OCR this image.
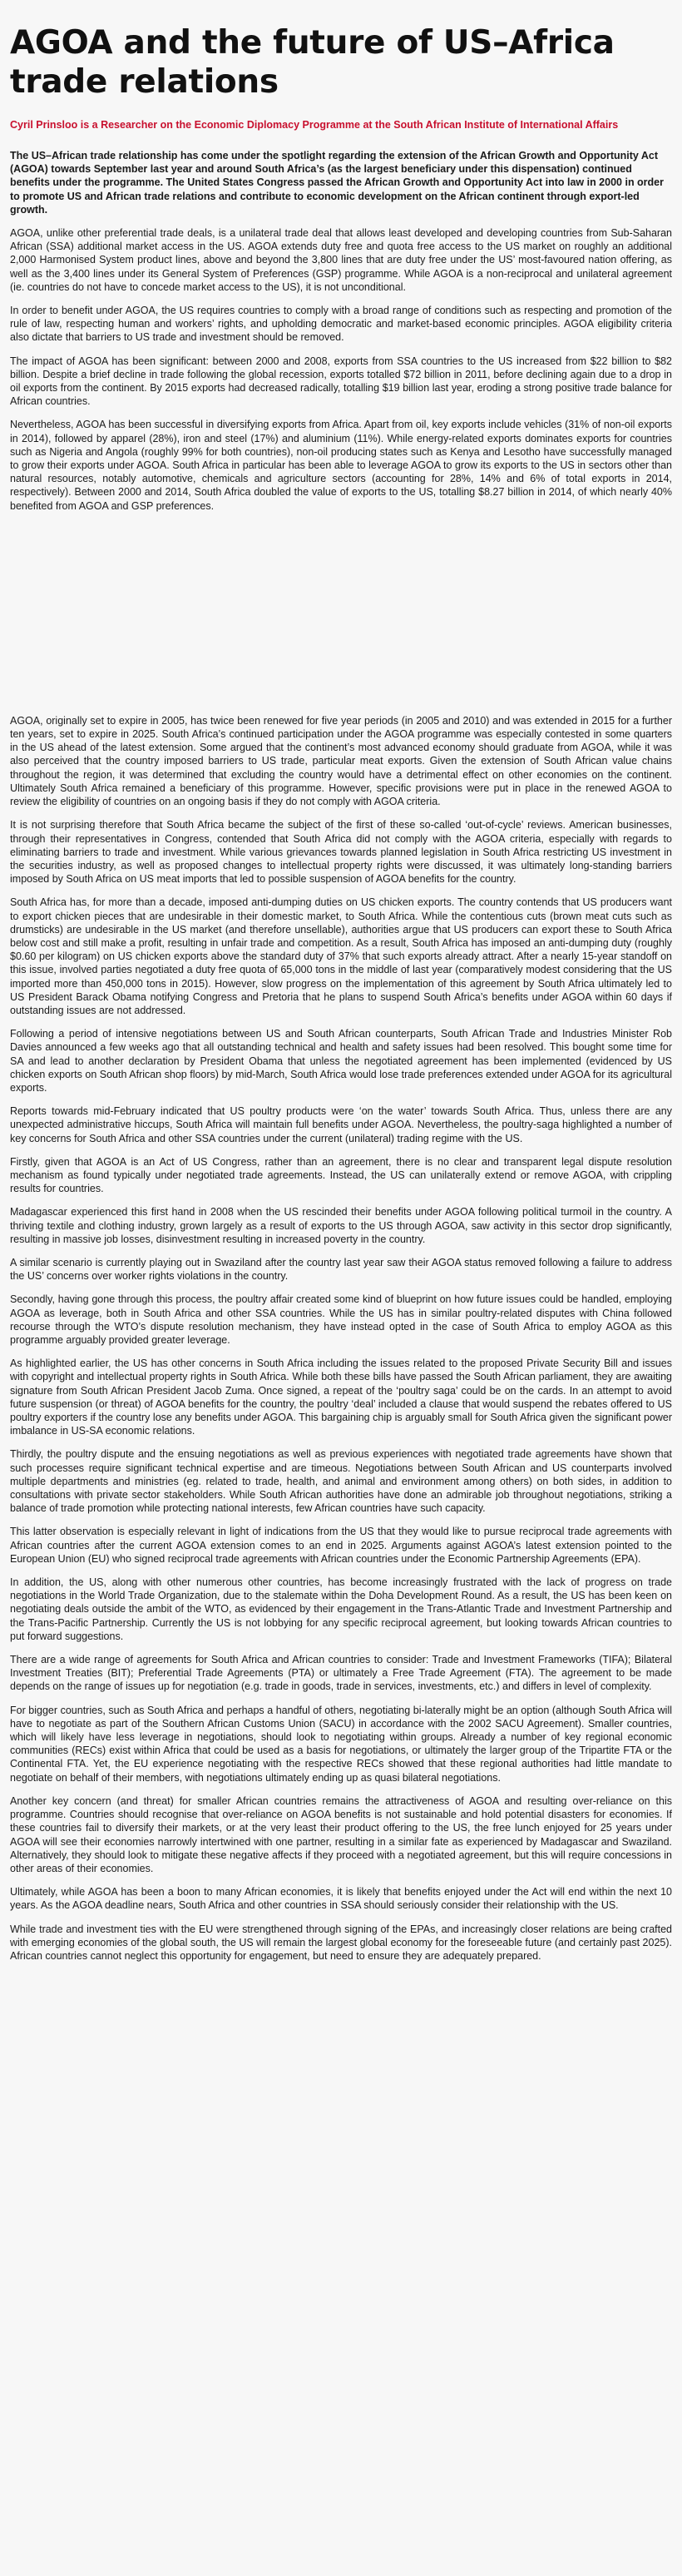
AGOA and the future of US–Africa trade relations

Cyril Prinsloo is a Researcher on the Economic Diplomacy Programme at the South African Institute of International Affairs

The US–African trade relationship has come under the spotlight regarding the extension of the African Growth and Opportunity Act (AGOA) towards September last year and around South Africa’s (as the largest beneficiary under this dispensation) continued benefits under the programme. The United States Congress passed the African Growth and Opportunity Act into law in 2000 in order to promote US and African trade relations and contribute to economic development on the African continent through export-led growth.

AGOA, unlike other preferential trade deals, is a unilateral trade deal that allows least developed and developing countries from Sub-Saharan African (SSA) additional market access in the US. AGOA extends duty free and quota free access to the US market on roughly an additional 2,000 Harmonised System product lines, above and beyond the 3,800 lines that are duty free under the US’ most-favoured nation offering, as well as the 3,400 lines under its General System of Preferences (GSP) programme. While AGOA is a non-reciprocal and unilateral agreement (ie. countries do not have to concede market access to the US), it is not unconditional.

In order to benefit under AGOA, the US requires countries to comply with a broad range of conditions such as respecting and promotion of the rule of law, respecting human and workers’ rights, and upholding democratic and market-based economic principles. AGOA eligibility criteria also dictate that barriers to US trade and investment should be removed.

The impact of AGOA has been significant: between 2000 and 2008, exports from SSA countries to the US increased from $22 billion to $82 billion. Despite a brief decline in trade following the global recession, exports totalled $72 billion in 2011, before declining again due to a drop in oil exports from the continent. By 2015 exports had decreased radically, totalling $19 billion last year, eroding a strong positive trade balance for African countries.

Nevertheless, AGOA has been successful in diversifying exports from Africa. Apart from oil, key exports include vehicles (31% of non-oil exports in 2014), followed by apparel (28%), iron and steel (17%) and aluminium (11%). While energy-related exports dominates exports for countries such as Nigeria and Angola (roughly 99% for both countries), non-oil producing states such as Kenya and Lesotho have successfully managed to grow their exports under AGOA. South Africa in particular has been able to leverage AGOA to grow its exports to the US in sectors other than natural resources, notably automotive, chemicals and agriculture sectors (accounting for 28%, 14% and 6% of total exports in 2014, respectively). Between 2000 and 2014, South Africa doubled the value of exports to the US, totalling $8.27 billion in 2014, of which nearly 40% benefited from AGOA and GSP preferences.

AGOA, originally set to expire in 2005, has twice been renewed for five year periods (in 2005 and 2010) and was extended in 2015 for a further ten years, set to expire in 2025. South Africa’s continued participation under the AGOA programme was especially contested in some quarters in the US ahead of the latest extension. Some argued that the continent’s most advanced economy should graduate from AGOA, while it was also perceived that the country imposed barriers to US trade, particular meat exports. Given the extension of South African value chains throughout the region, it was determined that excluding the country would have a detrimental effect on other economies on the continent. Ultimately South Africa remained a beneficiary of this programme. However, specific provisions were put in place in the renewed AGOA to review the eligibility of countries on an ongoing basis if they do not comply with AGOA criteria.

It is not surprising therefore that South Africa became the subject of the first of these so-called ‘out-of-cycle’ reviews. American businesses, through their representatives in Congress, contended that South Africa did not comply with the AGOA criteria, especially with regards to eliminating barriers to trade and investment. While various grievances towards planned legislation in South Africa restricting US investment in the securities industry, as well as proposed changes to intellectual property rights were discussed, it was ultimately long-standing barriers imposed by South Africa on US meat imports that led to possible suspension of AGOA benefits for the country.

South Africa has, for more than a decade, imposed anti-dumping duties on US chicken exports. The country contends that US producers want to export chicken pieces that are undesirable in their domestic market, to South Africa. While the contentious cuts (brown meat cuts such as drumsticks) are undesirable in the US market (and therefore unsellable), authorities argue that US producers can export these to South Africa below cost and still make a profit, resulting in unfair trade and competition. As a result, South Africa has imposed an anti-dumping duty (roughly $0.60 per kilogram) on US chicken exports above the standard duty of 37% that such exports already attract. After a nearly 15-year standoff on this issue, involved parties negotiated a duty free quota of 65,000 tons in the middle of last year (comparatively modest considering that the US imported more than 450,000 tons in 2015). However, slow progress on the implementation of this agreement by South Africa ultimately led to US President Barack Obama notifying Congress and Pretoria that he plans to suspend South Africa’s benefits under AGOA within 60 days if outstanding issues are not addressed.

Following a period of intensive negotiations between US and South African counterparts, South African Trade and Industries Minister Rob Davies announced a few weeks ago that all outstanding technical and health and safety issues had been resolved. This bought some time for SA and lead to another declaration by President Obama that unless the negotiated agreement has been implemented (evidenced by US chicken exports on South African shop floors) by mid-March, South Africa would lose trade preferences extended under AGOA for its agricultural exports.

Reports towards mid-February indicated that US poultry products were ‘on the water’ towards South Africa. Thus, unless there are any unexpected administrative hiccups, South Africa will maintain full benefits under AGOA. Nevertheless, the poultry-saga highlighted a number of key concerns for South Africa and other SSA countries under the current (unilateral) trading regime with the US.

Firstly, given that AGOA is an Act of US Congress, rather than an agreement, there is no clear and transparent legal dispute resolution mechanism as found typically under negotiated trade agreements. Instead, the US can unilaterally extend or remove AGOA, with crippling results for countries.

Madagascar experienced this first hand in 2008 when the US rescinded their benefits under AGOA following political turmoil in the country. A thriving textile and clothing industry, grown largely as a result of exports to the US through AGOA, saw activity in this sector drop significantly, resulting in massive job losses, disinvestment resulting in increased poverty in the country.

A similar scenario is currently playing out in Swaziland after the country last year saw their AGOA status removed following a failure to address the US’ concerns over worker rights violations in the country.

Secondly, having gone through this process, the poultry affair created some kind of blueprint on how future issues could be handled, employing AGOA as leverage, both in South Africa and other SSA countries. While the US has in similar poultry-related disputes with China followed recourse through the WTO’s dispute resolution mechanism, they have instead opted in the case of South Africa to employ AGOA as this programme arguably provided greater leverage.

As highlighted earlier, the US has other concerns in South Africa including the issues related to the proposed Private Security Bill and issues with copyright and intellectual property rights in South Africa. While both these bills have passed the South African parliament, they are awaiting signature from South African President Jacob Zuma. Once signed, a repeat of the ‘poultry saga’ could be on the cards. In an attempt to avoid future suspension (or threat) of AGOA benefits for the country, the poultry ‘deal’ included a clause that would suspend the rebates offered to US poultry exporters if the country lose any benefits under AGOA. This bargaining chip is arguably small for South Africa given the significant power imbalance in US-SA economic relations.

Thirdly, the poultry dispute and the ensuing negotiations as well as previous experiences with negotiated trade agreements have shown that such processes require significant technical expertise and are timeous. Negotiations between South African and US counterparts involved multiple departments and ministries (eg. related to trade, health, and animal and environment among others) on both sides, in addition to consultations with private sector stakeholders. While South African authorities have done an admirable job throughout negotiations, striking a balance of trade promotion while protecting national interests, few African countries have such capacity.

This latter observation is especially relevant in light of indications from the US that they would like to pursue reciprocal trade agreements with African countries after the current AGOA extension comes to an end in 2025. Arguments against AGOA’s latest extension pointed to the European Union (EU) who signed reciprocal trade agreements with African countries under the Economic Partnership Agreements (EPA).

In addition, the US, along with other numerous other countries, has become increasingly frustrated with the lack of progress on trade negotiations in the World Trade Organization, due to the stalemate within the Doha Development Round. As a result, the US has been keen on negotiating deals outside the ambit of the WTO, as evidenced by their engagement in the Trans-Atlantic Trade and Investment Partnership and the Trans-Pacific Partnership. Currently the US is not lobbying for any specific reciprocal agreement, but looking towards African countries to put forward suggestions.

There are a wide range of agreements for South Africa and African countries to consider: Trade and Investment Frameworks (TIFA); Bilateral Investment Treaties (BIT); Preferential Trade Agreements (PTA) or ultimately a Free Trade Agreement (FTA). The agreement to be made depends on the range of issues up for negotiation (e.g. trade in goods, trade in services, investments, etc.) and differs in level of complexity.

For bigger countries, such as South Africa and perhaps a handful of others, negotiating bi-laterally might be an option (although South Africa will have to negotiate as part of the Southern African Customs Union (SACU) in accordance with the 2002 SACU Agreement). Smaller countries, which will likely have less leverage in negotiations, should look to negotiating within groups. Already a number of key regional economic communities (RECs) exist within Africa that could be used as a basis for negotiations, or ultimately the larger group of the Tripartite FTA or the Continental FTA. Yet, the EU experience negotiating with the respective RECs showed that these regional authorities had little mandate to negotiate on behalf of their members, with negotiations ultimately ending up as quasi bilateral negotiations.

Another key concern (and threat) for smaller African countries remains the attractiveness of AGOA and resulting over-reliance on this programme. Countries should recognise that over-reliance on AGOA benefits is not sustainable and hold potential disasters for economies. If these countries fail to diversify their markets, or at the very least their product offering to the US, the free lunch enjoyed for 25 years under AGOA will see their economies narrowly intertwined with one partner, resulting in a similar fate as experienced by Madagascar and Swaziland. Alternatively, they should look to mitigate these negative affects if they proceed with a negotiated agreement, but this will require concessions in other areas of their economies.

Ultimately, while AGOA has been a boon to many African economies, it is likely that benefits enjoyed under the Act will end within the next 10 years. As the AGOA deadline nears, South Africa and other countries in SSA should seriously consider their relationship with the US.

While trade and investment ties with the EU were strengthened through signing of the EPAs, and increasingly closer relations are being crafted with emerging economies of the global south, the US will remain the largest global economy for the foreseeable future (and certainly past 2025). African countries cannot neglect this opportunity for engagement, but need to ensure they are adequately prepared.
